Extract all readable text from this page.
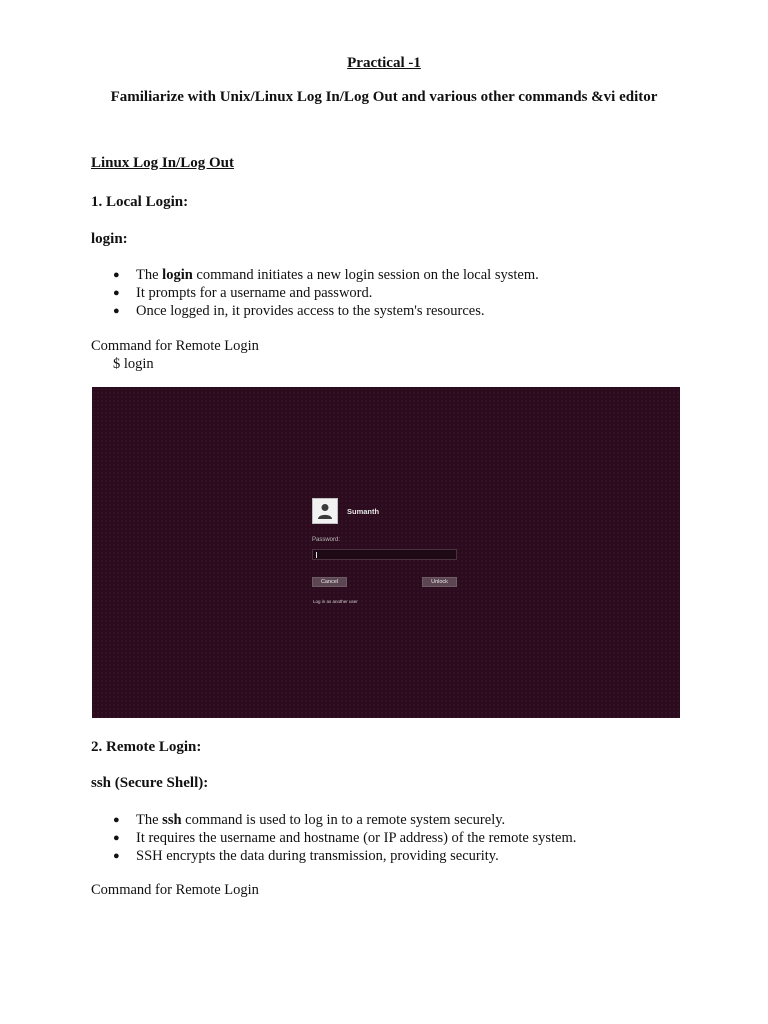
Practical -1
Familiarize with Unix/Linux Log In/Log Out and various other commands &vi editor
Linux Log In/Log Out
1. Local Login:
login:
● The login command initiates a new login session on the local system.
● It prompts for a username and password.
● Once logged in, it provides access to the system's resources.
Command for Remote Login
$ login
Sumanth
Password:
Cancel	Unlock
Log in as another user
2. Remote Login:
ssh (Secure Shell):
● The ssh command is used to log in to a remote system securely.
● It requires the username and hostname (or IP address) of the remote system.
● SSH encrypts the data during transmission, providing security.
Command for Remote Login
